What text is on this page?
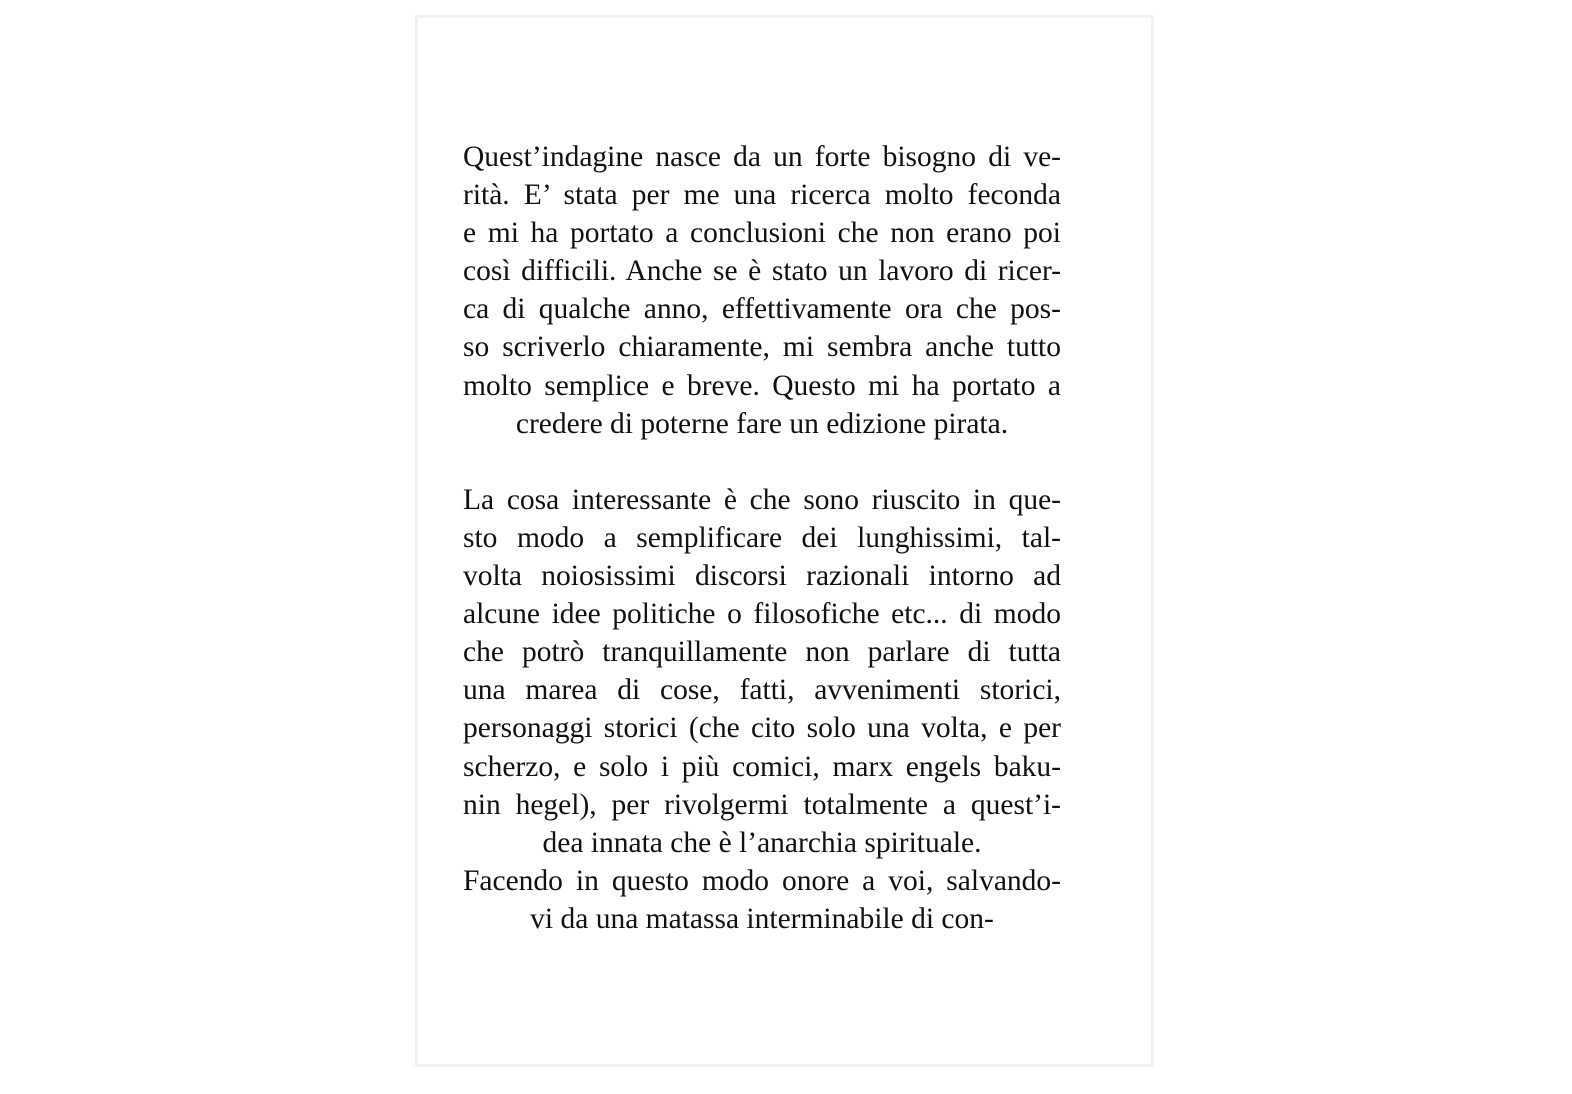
Quest’indagine nasce da un forte bisogno di ve-
rità. E’ stata per me una ricerca molto feconda
e mi ha portato a conclusioni che non erano poi
così difficili. Anche se è stato un lavoro di ricer-
ca di qualche anno, effettivamente ora che pos-
so scriverlo chiaramente, mi sembra anche tutto
molto semplice e breve. Questo mi ha portato a
credere di poterne fare un edizione pirata.
La cosa interessante è che sono riuscito in que-
sto modo a semplificare dei lunghissimi, tal-
volta noiosissimi discorsi razionali intorno ad
alcune idee politiche o filosofiche etc... di modo
che potrò tranquillamente non parlare di tutta
una marea di cose, fatti, avvenimenti storici,
personaggi storici (che cito solo una volta, e per
scherzo, e solo i più comici, marx engels baku-
nin hegel), per rivolgermi totalmente a quest’i-
dea innata che è l’anarchia spirituale.
Facendo in questo modo onore a voi, salvando-
vi da una matassa interminabile di con-
